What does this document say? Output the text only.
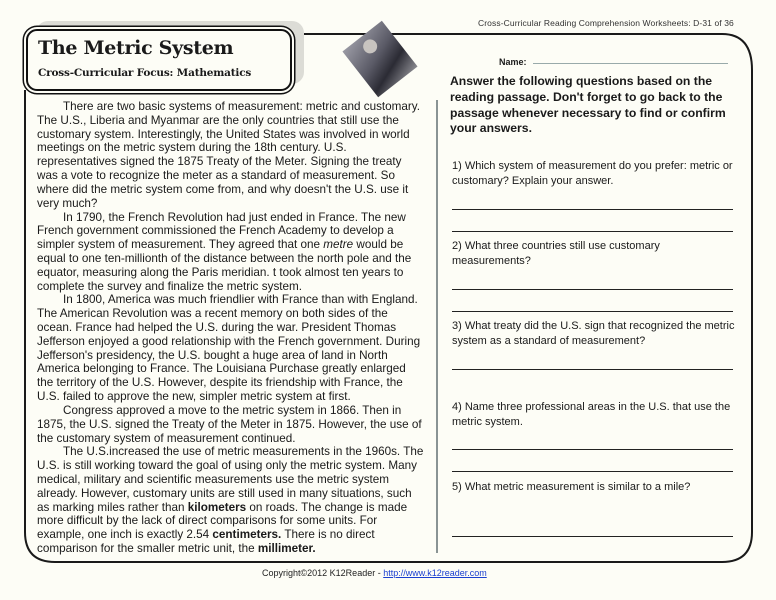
Cross-Curricular Reading Comprehension Worksheets: D-31 of 36
The Metric System
Cross-Curricular Focus: Mathematics
Name:
Answer the following questions based on the reading passage. Don't forget to go back to the passage whenever necessary to find or confirm your answers.

There are two basic systems of measurement: metric and customary. The U.S., Liberia and Myanmar are the only countries that still use the customary system. Interestingly, the United States was involved in world meetings on the metric system during the 18th century. U.S. representatives signed the 1875 Treaty of the Meter. Signing the treaty was a vote to recognize the meter as a standard of measurement. So where did the metric system come from, and why doesn't the U.S. use it very much?

In 1790, the French Revolution had just ended in France. The new French government commissioned the French Academy to develop a simpler system of measurement. They agreed that one metre would be equal to one ten-millionth of the distance between the north pole and the equator, measuring along the Paris meridian. t took almost ten years to complete the survey and finalize the metric system.

In 1800, America was much friendlier with France than with England. The American Revolution was a recent memory on both sides of the ocean. France had helped the U.S. during the war. President Thomas Jefferson enjoyed a good relationship with the French government. During Jefferson's presidency, the U.S. bought a huge area of land in North America belonging to France. The Louisiana Purchase greatly enlarged the territory of the U.S. However, despite its friendship with France, the U.S. failed to approve the new, simpler metric system at first.

Congress approved a move to the metric system in 1866. Then in 1875, the U.S. signed the Treaty of the Meter in 1875. However, the use of the customary system of measurement continued.

The U.S.increased the use of metric measurements in the 1960s. The U.S. is still working toward the goal of using only the metric system. Many medical, military and scientific measurements use the metric system already. However, customary units are still used in many situations, such as marking miles rather than kilometers on roads. The change is made more difficult by the lack of direct comparisons for some units. For example, one inch is exactly 2.54 centimeters. There is no direct comparison for the smaller metric unit, the millimeter.

1) Which system of measurement do you prefer: metric or customary? Explain your answer.
2) What three countries still use customary measurements?
3) What treaty did the U.S. sign that recognized the metric system as a standard of measurement?
4) Name three professional areas in the U.S. that use the metric system.
5) What metric measurement is similar to a mile?
Copyright©2012 K12Reader - http://www.k12reader.com
